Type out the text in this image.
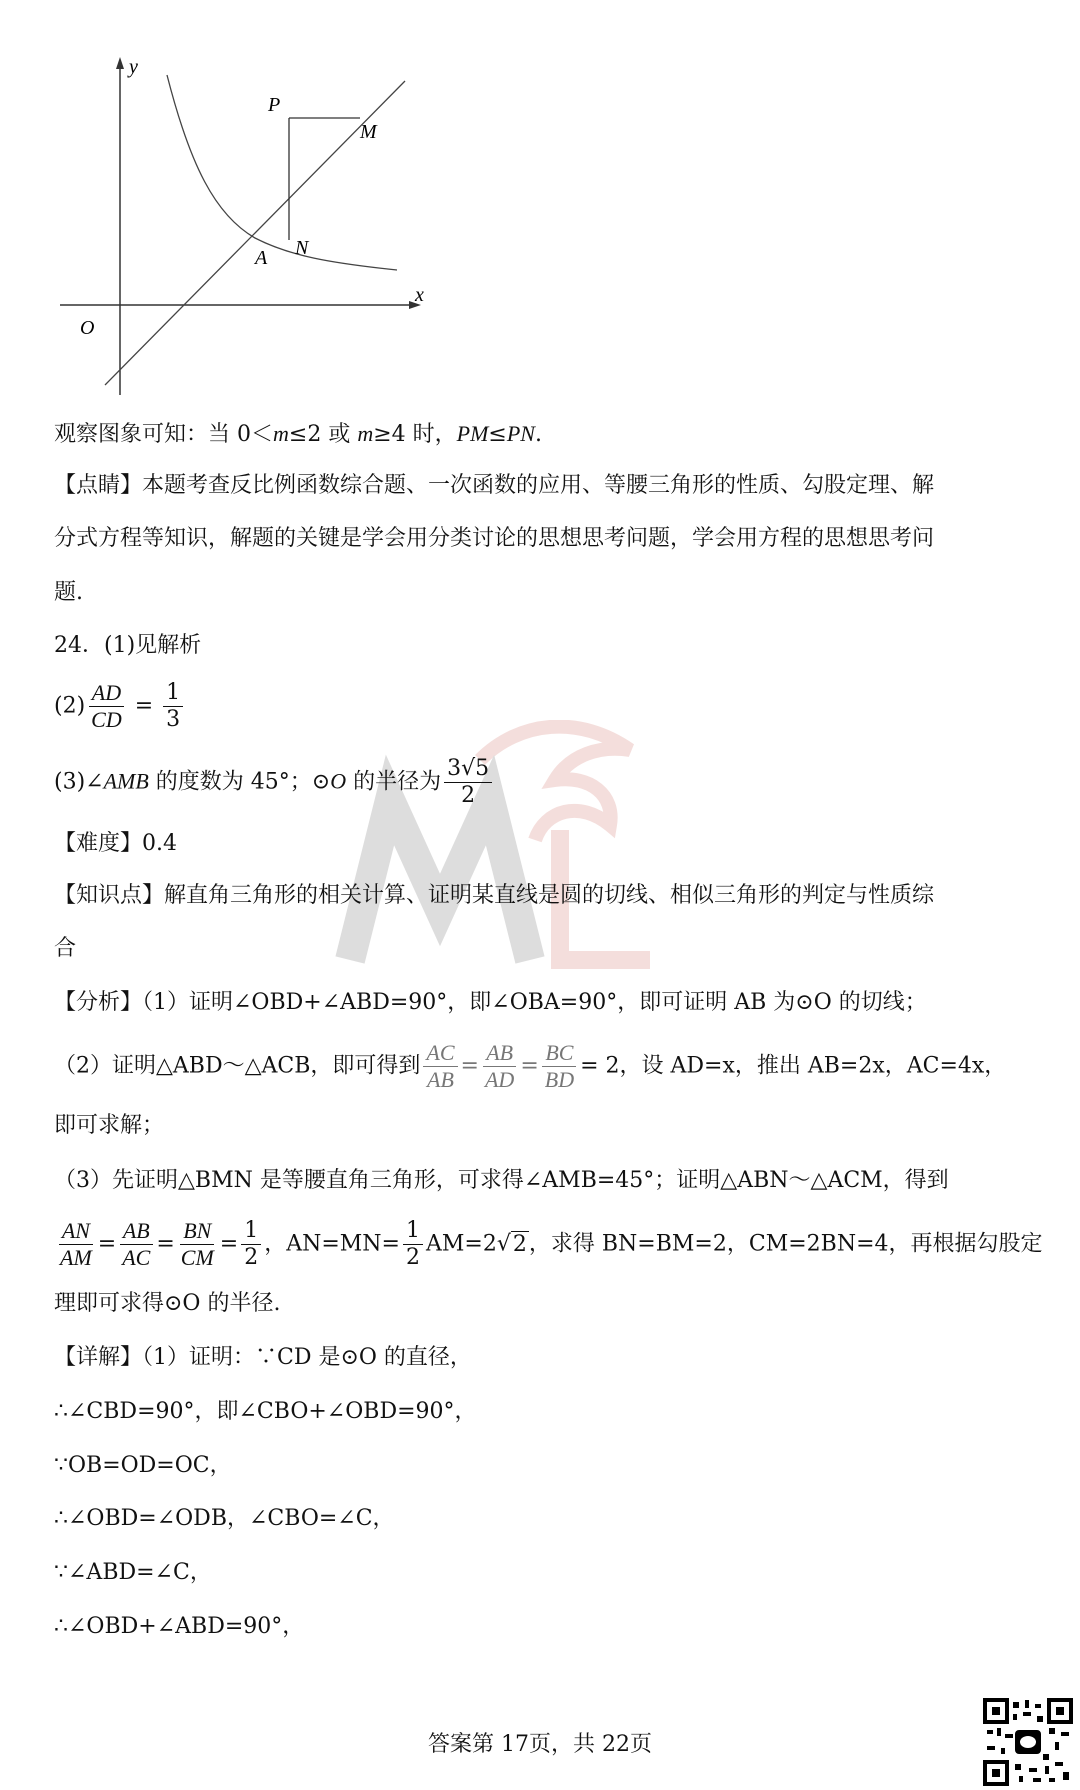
y
x
O
P
M
A N
观察图象可知：当 0＜m≤2 或 m≥4 时，PM≤PN.
【点睛】本题考查反比例函数综合题、一次函数的应用、等腰三角形的性质、勾股定理、解
分式方程等知识，解题的关键是学会用分类讨论的思想思考问题，学会用方程的思想思考问
题.
24．(1)见解析
$(2) \frac{AD}{CD} = \frac{1}{3}$
(3)∠AMB 的度数为 45°；⊙O 的半径为 $\frac{3√5}{2}$
【难度】0.4
【知识点】解直角三角形的相关计算、证明某直线是圆的切线、相似三角形的判定与性质综
合
【分析】（1）证明∠OBD+∠ABD=90°，即∠OBA=90°，即可证明 AB 为⊙O 的切线；
（2）证明△ABD～△ACB，即可得到 $\frac{AC}{AB} = \frac{AB}{AD} = \frac{BC}{BD} = 2$，设 AD=x，推出 AB=2x，AC=4x，
即可求解；
（3）先证明△BMN 是等腰直角三角形，可求得∠AMB=45°；证明△ABN～△ACM，得到
$\frac{AN}{AM} = \frac{AB}{AC} = \frac{BN}{CM} = \frac{1}{2}$ ，$AN=MN= \frac{1}{2} AM=2√2$，求得 BN=BM=2，CM=2BN=4，再根据勾股定
理即可求得⊙O 的半径.
【详解】（1）证明：∵CD 是⊙O 的直径，
∴∠CBD=90°，即∠CBO+∠OBD=90°，
∵OB=OD=OC，
∴∠OBD=∠ODB，∠CBO=∠C，
∵∠ABD=∠C，
∴∠OBD+∠ABD=90°，
答案第 17页，共 22页
